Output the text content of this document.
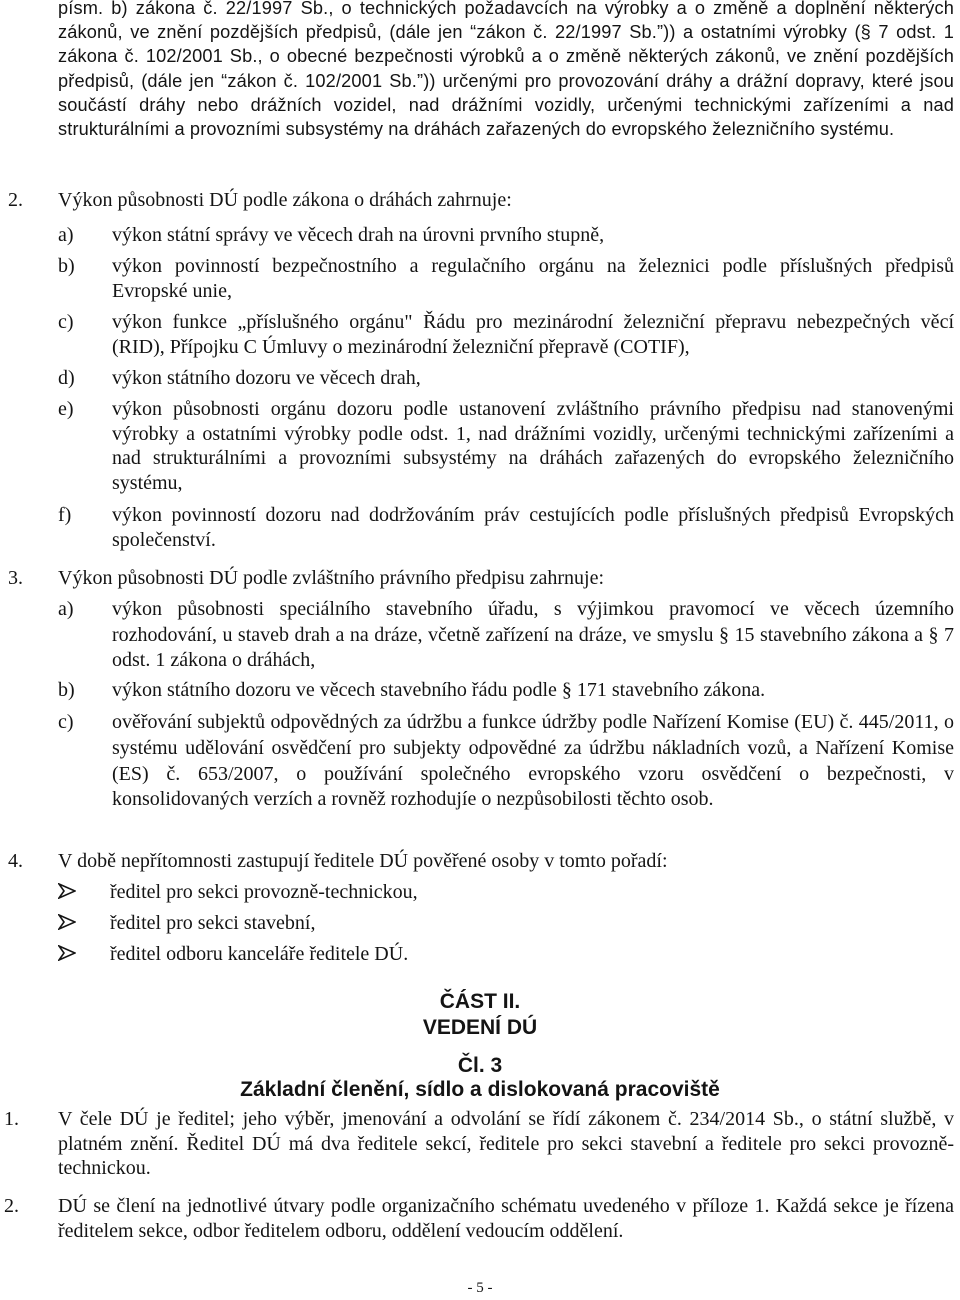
písm. b) zákona č. 22/1997 Sb., o technických požadavcích na výrobky a o změně a doplnění některých zákonů, ve znění pozdějších předpisů, (dále jen “zákon č. 22/1997 Sb.”)) a ostatními výrobky (§ 7 odst. 1 zákona č. 102/2001 Sb., o obecné bezpečnosti výrobků a o změně některých zákonů, ve znění pozdějších předpisů, (dále jen “zákon č. 102/2001 Sb.”)) určenými pro provozování dráhy a drážní dopravy, které jsou součástí dráhy nebo drážních vozidel, nad drážními vozidly, určenými technickými zařízeními a nad strukturálními a provozními subsystémy na dráhách zařazených do evropského železničního systému.
2. Výkon působnosti DÚ podle zákona o dráhách zahrnuje:
a) výkon státní správy ve věcech drah na úrovni prvního stupně,
b) výkon povinností bezpečnostního a regulačního orgánu na železnici podle příslušných předpisů Evropské unie,
c) výkon funkce „příslušného orgánu" Řádu pro mezinárodní železniční přepravu nebezpečných věcí (RID), Přípojku C Úmluvy o mezinárodní železniční přepravě (COTIF),
d) výkon státního dozoru ve věcech drah,
e) výkon působnosti orgánu dozoru podle ustanovení zvláštního právního předpisu nad stanovenými výrobky a ostatními výrobky podle odst. 1, nad drážními vozidly, určenými technickými zařízeními a nad strukturálními a provozními subsystémy na dráhách zařazených do evropského železničního systému,
f) výkon povinností dozoru nad dodržováním práv cestujících podle příslušných předpisů Evropských společenství.
3. Výkon působnosti DÚ podle zvláštního právního předpisu zahrnuje:
a) výkon působnosti speciálního stavebního úřadu, s výjimkou pravomocí ve věcech územního rozhodování, u staveb drah a na dráze, včetně zařízení na dráze, ve smyslu § 15 stavebního zákona a § 7 odst. 1 zákona o dráhách,
b) výkon státního dozoru ve věcech stavebního řádu podle § 171 stavebního zákona.
c) ověřování subjektů odpovědných za údržbu a funkce údržby podle Nařízení Komise (EU) č. 445/2011, o systému udělování osvědčení pro subjekty odpovědné za údržbu nákladních vozů, a Nařízení Komise (ES) č. 653/2007, o používání společného evropského vzoru osvědčení o bezpečnosti, v konsolidovaných verzích a rovněž rozhodujíe o nezpůsobilosti těchto osob.
4. V době nepřítomnosti zastupují ředitele DÚ pověřené osoby v tomto pořadí:
ředitel pro sekci provozně-technickou,
ředitel pro sekci stavební,
ředitel odboru kanceláře ředitele DÚ.
ČÁST II.
VEDENÍ DÚ
Čl. 3
Základní členění, sídlo a dislokovaná pracoviště
1. V čele DÚ je ředitel; jeho výběr, jmenování a odvolání se řídí zákonem č. 234/2014 Sb., o státní službě, v platném znění. Ředitel DÚ má dva ředitele sekcí, ředitele pro sekci stavební a ředitele pro sekci provozně-technickou.
2. DÚ se člení na jednotlivé útvary podle organizačního schématu uvedeného v příloze 1. Každá sekce je řízena ředitelem sekce, odbor ředitelem odboru, oddělení vedoucím oddělení.
- 5 -
